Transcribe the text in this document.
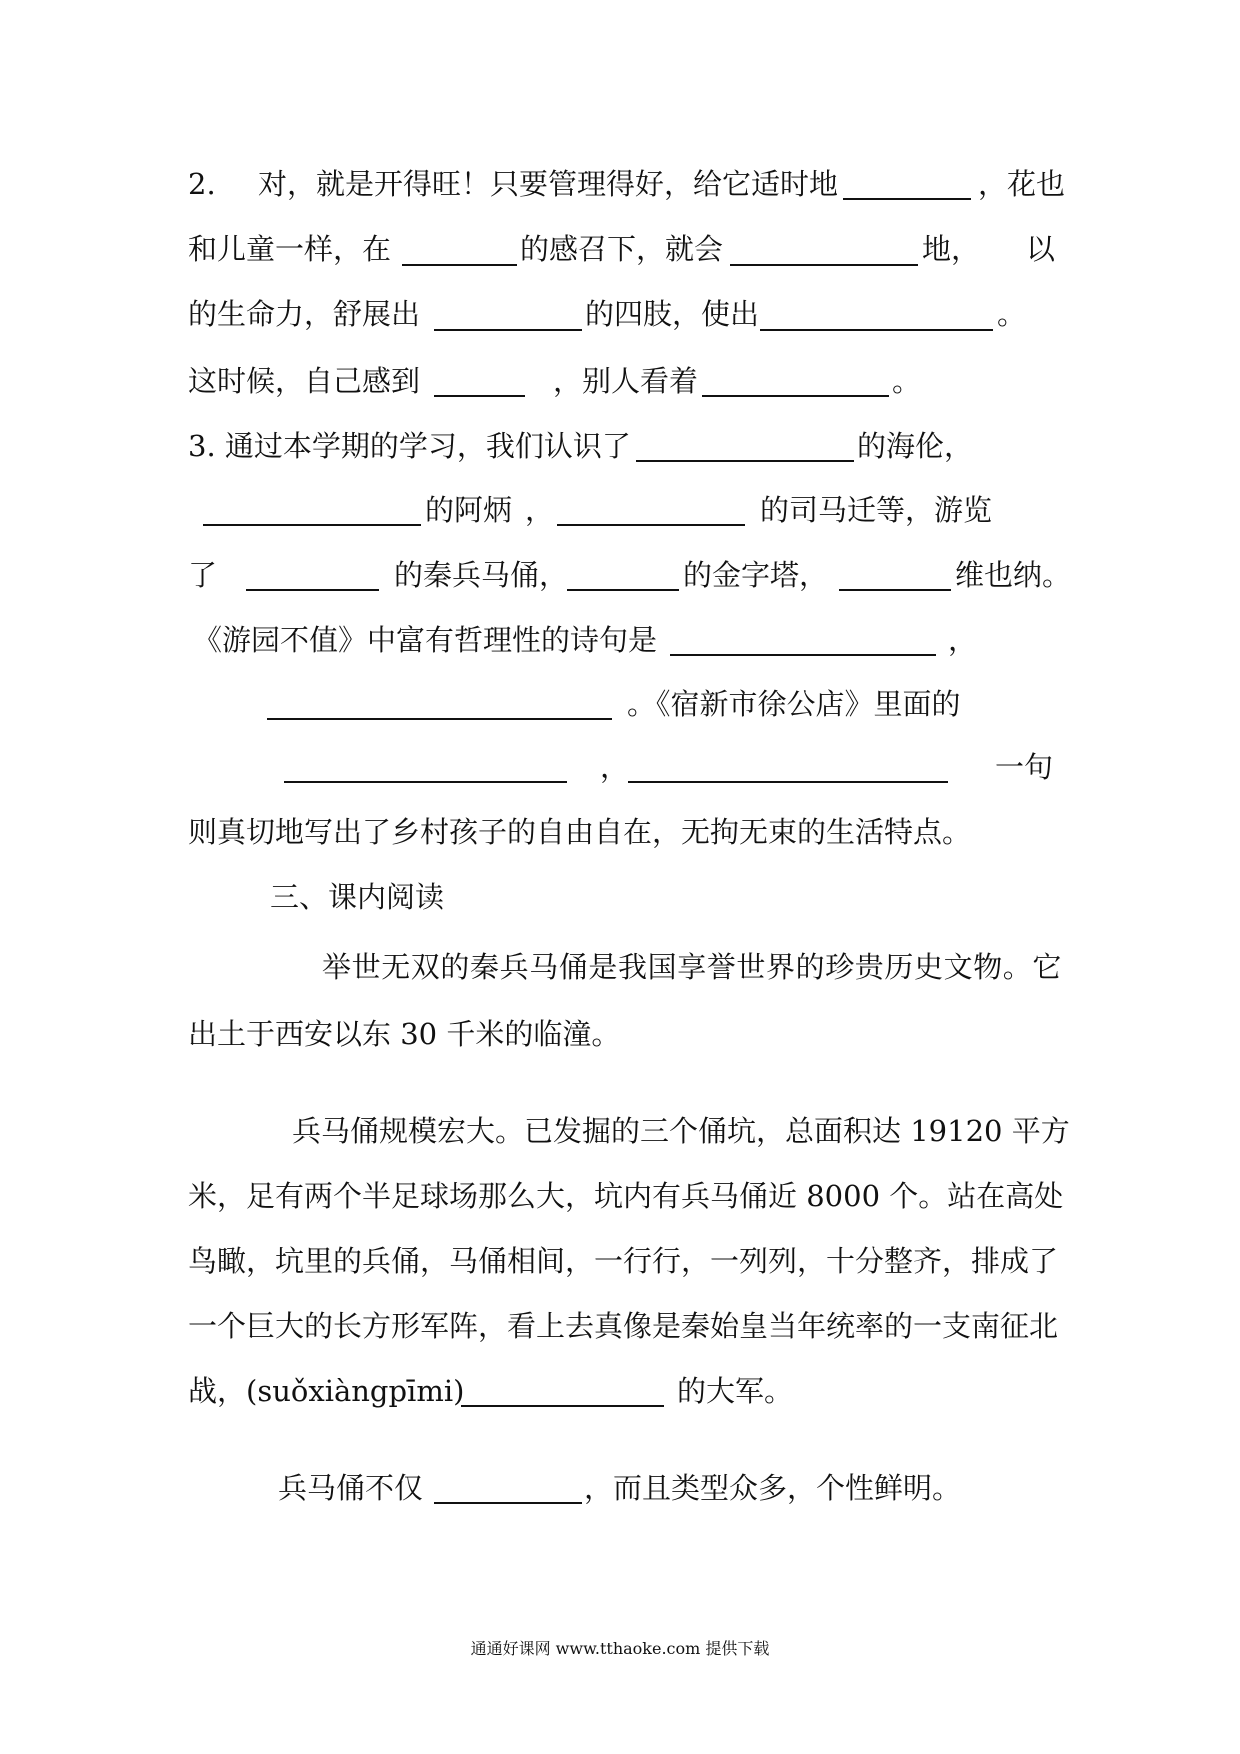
2. 对，就是开得旺！只要管理得好，给它适时地	，花也
和儿童一样，在	的感召下，就会	地， 以
的生命力，舒展出	的四肢，使出	。
这时候，自己感到	，别人看着	。
3. 通过本学期的学习，我们认识了	的海伦，
的阿炳 ，	的司马迁等，游览
了	的秦兵马俑，	的金字塔，	维也纳。
《游园不值》中富有哲理性的诗句是	，
。《宿新市徐公店》里面的
，	一句
则真切地写出了乡村孩子的自由自在，无拘无束的生活特点。
三、课内阅读
举世无双的秦兵马俑是我国享誉世界的珍贵历史文物。它
出土于西安以东 30 千米的临潼。
兵马俑规模宏大。已发掘的三个俑坑，总面积达 19120 平方
米，足有两个半足球场那么大，坑内有兵马俑近 8000 个。站在高处
鸟瞰，坑里的兵俑，马俑相间，一行行，一列列，十分整齐，排成了
一个巨大的长方形军阵，看上去真像是秦始皇当年统率的一支南征北
战，(suǒxiàngpīmi)	的大军。
兵马俑不仅	，而且类型众多，个性鲜明。
通通好课网 www.tthaoke.com 提供下载
